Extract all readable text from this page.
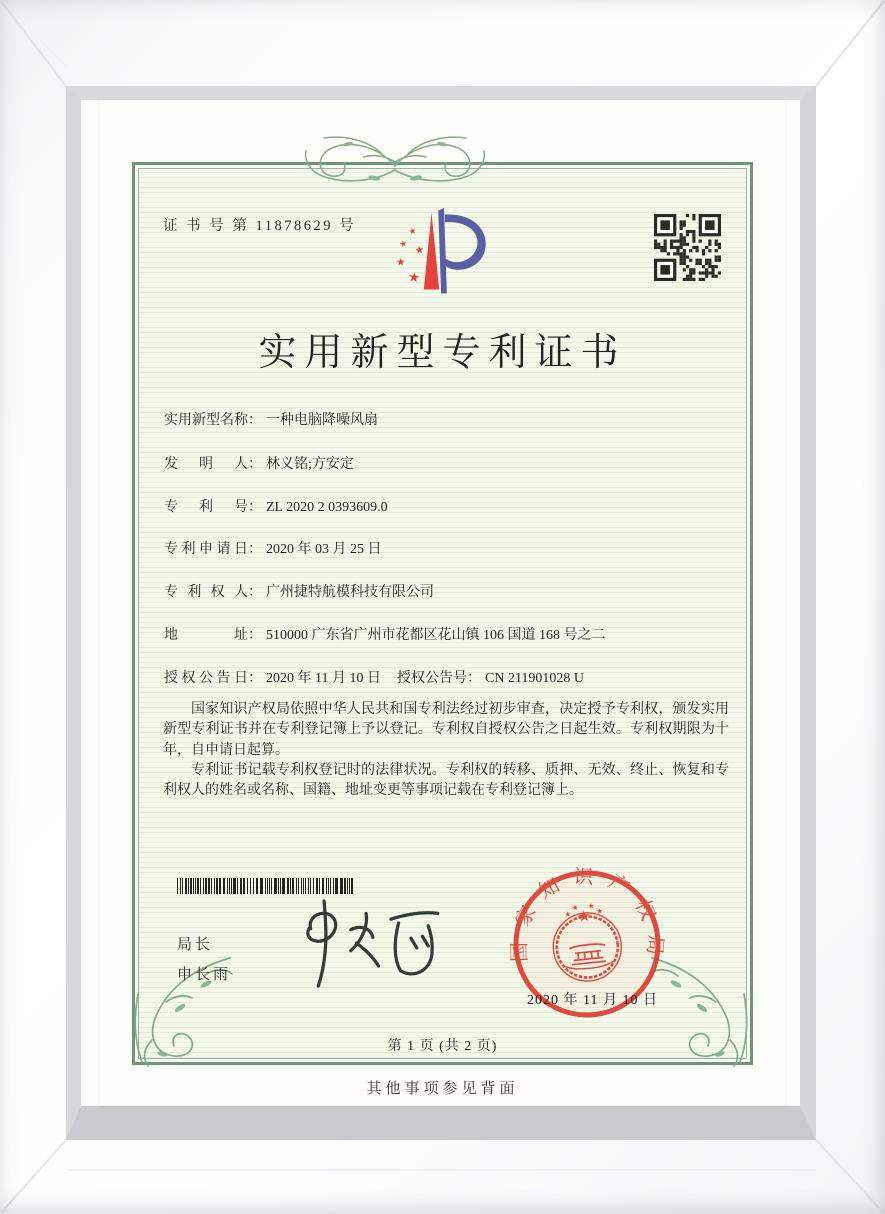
证 书 号 第 11878629 号	★
★ ★
★
★
实用新型专利证书
实用新型名称： 一种电脑降噪风扇
发明人： 林义铭;方安定
专利号： ZL 2020 2 0393609.0
专利申请日： 2020 年 03 月 25 日
专利权人： 广州捷特航模科技有限公司
地址： 510000 广东省广州市花都区花山镇 106 国道 168 号之二
授权公告日： 2020 年 11 月 10 日 授权公告号： CN 211901028 U

国家知识产权局依照中华人民共和国专利法经过初步审查，决定授予专利权，颁发实用新型专利证书并在专利登记簿上予以登记。专利权自授权公告之日起生效。专利权期限为十年，自申请日起算。

专利证书记载专利权登记时的法律状况。专利权的转移、质押、无效、终止、恢复和专利权人的姓名或名称、国籍、地址变更等事项记载在专利登记簿上。

局长
申长雨
国家知识产权局
★
★
★ ★
★
2020 年 11 月 10 日
第 1 页 (共 2 页)
其他事项参见背面
